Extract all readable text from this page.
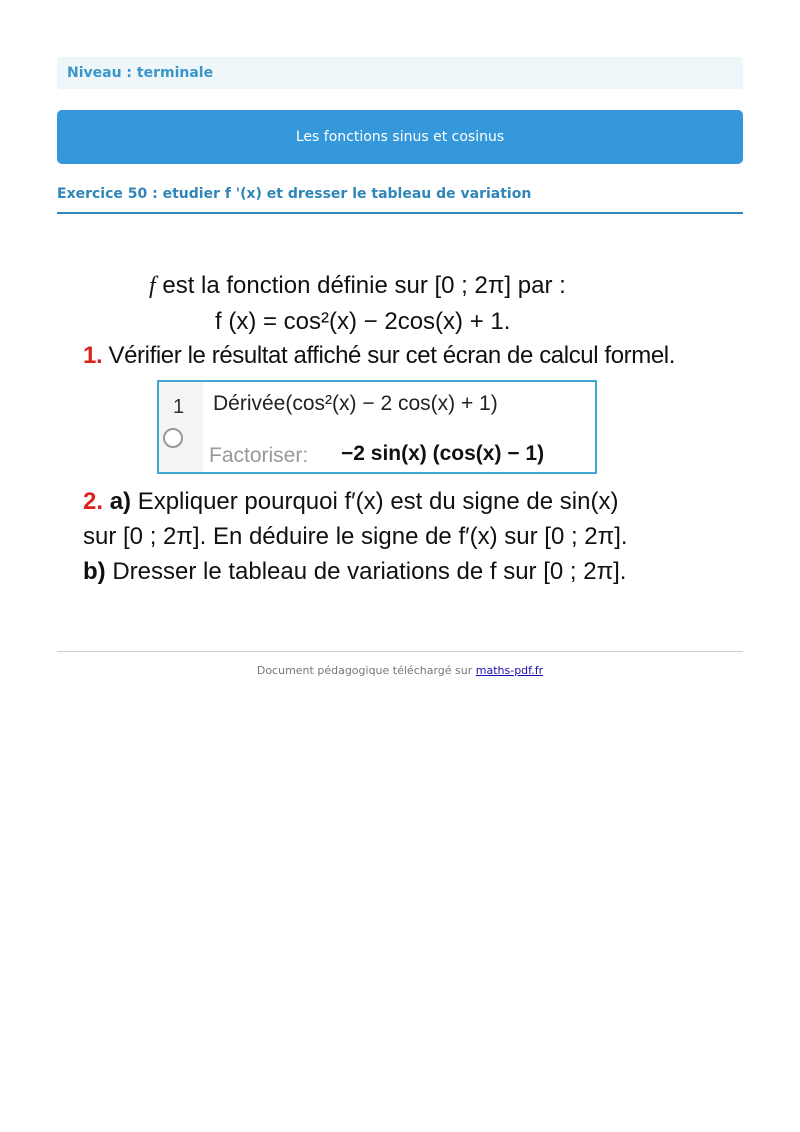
Niveau : terminale
Les fonctions sinus et cosinus
Exercice 50 : etudier f '(x) et dresser le tableau de variation
f est la fonction définie sur [0 ; 2π] par :
f (x) = cos²(x) − 2cos(x) + 1.
1. Vérifier le résultat affiché sur cet écran de calcul formel.
1 Dérivée(cos²(x) − 2 cos(x) + 1)
Factoriser: −2 sin(x) (cos(x) − 1)
2. a) Expliquer pourquoi f′(x) est du signe de sin(x)
sur [0 ; 2π]. En déduire le signe de f′(x) sur [0 ; 2π].
b) Dresser le tableau de variations de f sur [0 ; 2π].
Document pédagogique téléchargé sur maths-pdf.fr
